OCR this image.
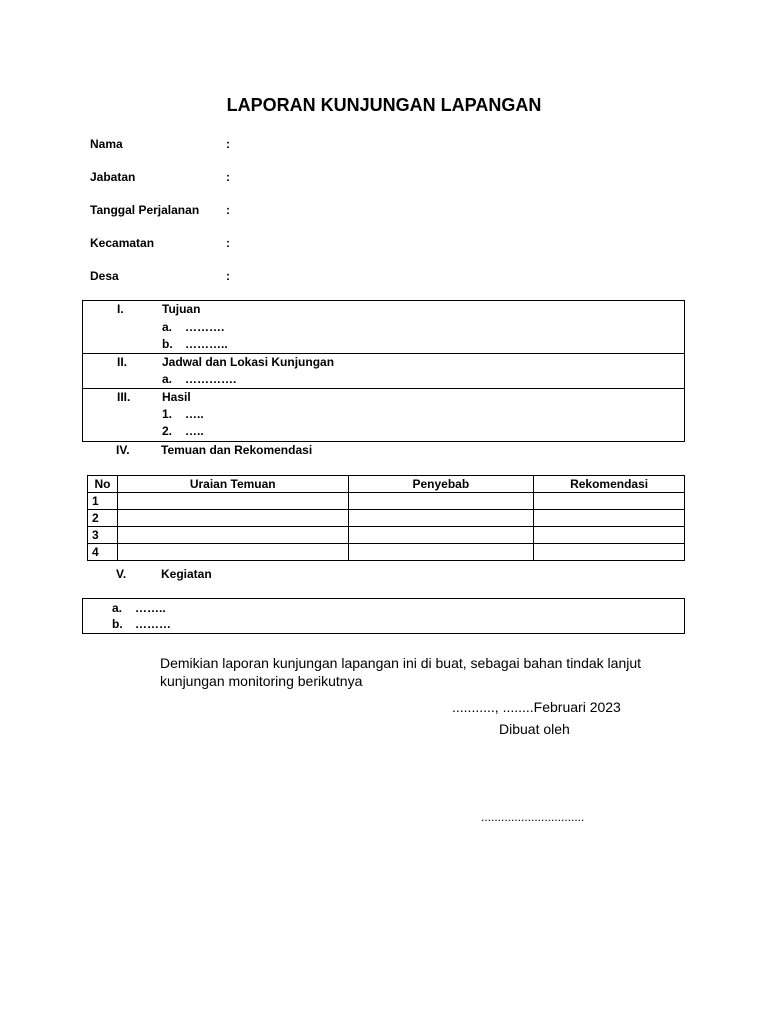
LAPORAN KUNJUNGAN LAPANGAN
Nama	:
Jabatan	:
Tanggal Perjalanan :
Kecamatan	:
Desa	:
I.	Tujuan
a. ……….
b. ………..
II.	Jadwal dan Lokasi Kunjungan
a. ………….
III.	Hasil
1. …..
2. …..
IV.	Temuan dan Rekomendasi
No	Uraian Temuan	Penyebab	Rekomendasi
1			
2			
3			
4			
V.	Kegiatan
a. ……..
b. ………
Demikian laporan kunjungan lapangan ini di buat, sebagai bahan tindak lanjut kunjungan monitoring berikutnya
..........., ........Februari 2023
Dibuat oleh
...............................
